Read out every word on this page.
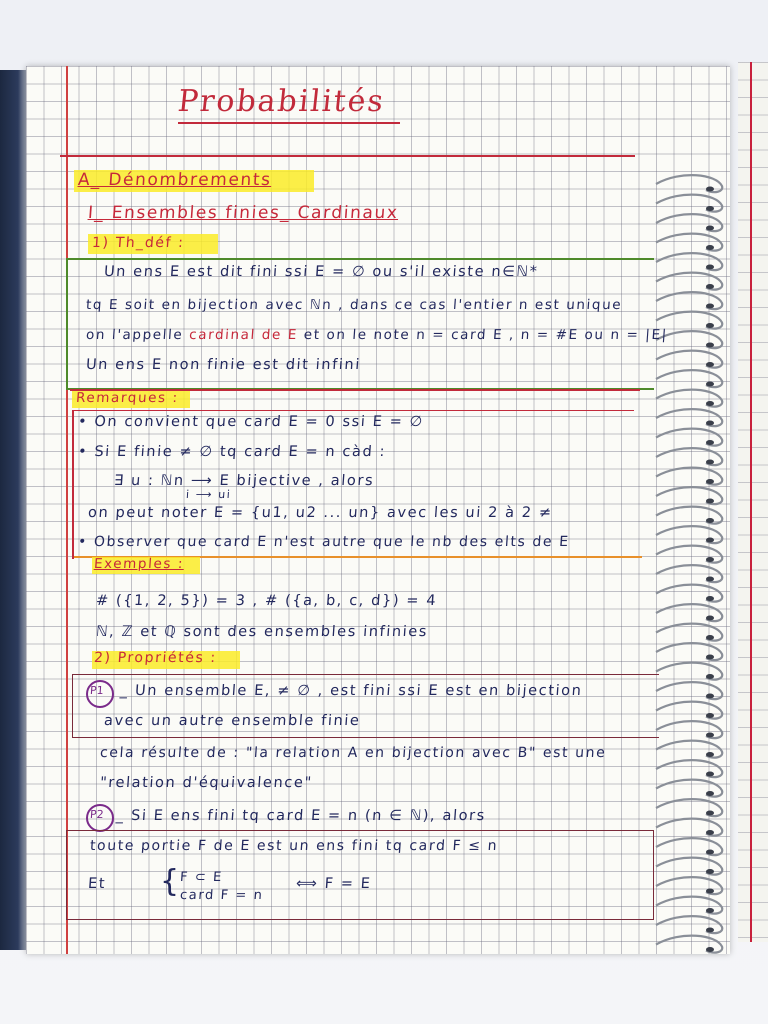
Probabilités
A_ Dénombrements
I_ Ensembles finies_ Cardinaux
1) Th_déf :
Un ens E est dit fini ssi E = ∅ ou s'il existe n∈ℕ*
tq E soit en bijection avec ℕn , dans ce cas l'entier n est unique
on l'appelle cardinal de E et on le note n = card E , n = #E ou n = |E|
Un ens E non finie est dit infini
Remarques :
• On convient que card E = 0 ssi E = ∅
• Si E finie ≠ ∅ tq card E = n càd :
∃ u : ℕn ⟶ E bijective , alors
i ⟶ ui
on peut noter E = {u1, u2 ... un} avec les ui 2 à 2 ≠
• Observer que card E n'est autre que le nb des elts de E
Exemples :
# ({1, 2, 5}) = 3 , # ({a, b, c, d}) = 4
ℕ, ℤ et ℚ sont des ensembles infinies
2) Propriétés :
P1 _ Un ensemble E, ≠ ∅ , est fini ssi E est en bijection
avec un autre ensemble finie
cela résulte de : "la relation A en bijection avec B" est une
"relation d'équivalence"
P2 _ Si E ens fini tq card E = n (n ∈ ℕ), alors
toute portie F de E est un ens fini tq card F ≤ n
Et { F ⊂ E
card F = n
⟺ F = E
